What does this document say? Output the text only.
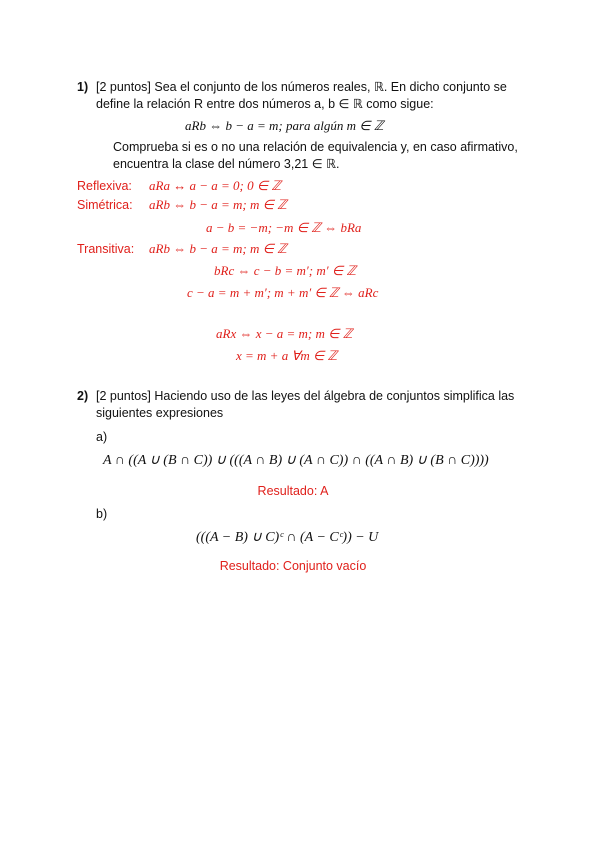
1) [2 puntos] Sea el conjunto de los números reales, ℝ. En dicho conjunto se
define la relación R entre dos números a, b ∈ ℝ como sigue:
aRb ⇔ b − a = m; para algún m ∈ ℤ
Comprueba si es o no una relación de equivalencia y, en caso afirmativo,
encuentra la clase del número 3,21 ∈ ℝ.
Reflexiva: aRa ↔ a − a = 0; 0 ∈ ℤ
Simétrica: aRb ⇔ b − a = m; m ∈ ℤ
a − b = −m; −m ∈ ℤ ⇔ bRa
Transitiva: aRb ⇔ b − a = m; m ∈ ℤ
bRc ⇔ c − b = m′; m′ ∈ ℤ
c − a = m + m′; m + m′ ∈ ℤ ⇔ aRc
aRx ⇔ x − a = m; m ∈ ℤ
x = m + a ∀m ∈ ℤ
2) [2 puntos] Haciendo uso de las leyes del álgebra de conjuntos simplifica las
siguientes expresiones
a)
A ∩ ((A ∪ (B ∩ C)) ∪ (((A ∩ B) ∪ (A ∩ C)) ∩ ((A ∩ B) ∪ (B ∩ C))))
Resultado: A
b)
(((A − B) ∪ C)ᶜ ∩ (A − Cᶜ)) − U
Resultado: Conjunto vacío
